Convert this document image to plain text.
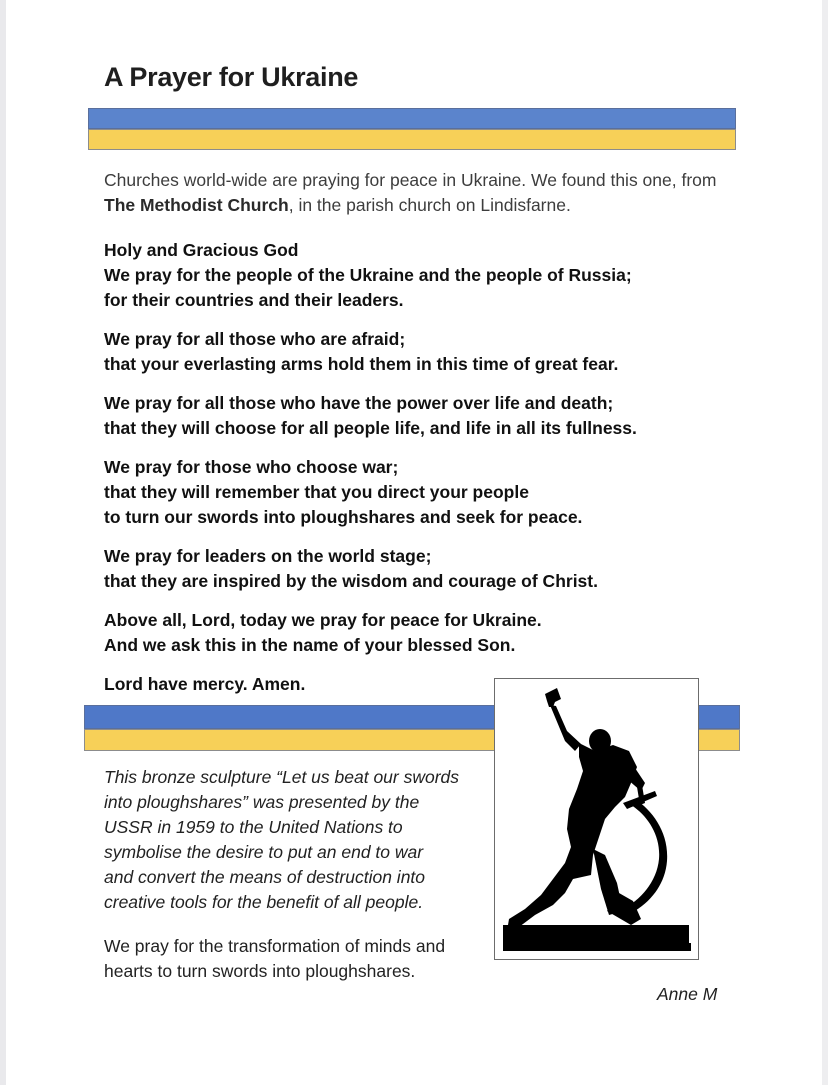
A Prayer for Ukraine
Churches world-wide are praying for peace in Ukraine. We found this one, from The Methodist Church, in the parish church on Lindisfarne.
Holy and Gracious God
We pray for the people of the Ukraine and the people of Russia;
for their countries and their leaders.
We pray for all those who are afraid;
that your everlasting arms hold them in this time of great fear.
We pray for all those who have the power over life and death;
that they will choose for all people life, and life in all its fullness.
We pray for those who choose war;
that they will remember that you direct your people
to turn our swords into ploughshares and seek for peace.
We pray for leaders on the world stage;
that they are inspired by the wisdom and courage of Christ.
Above all, Lord, today we pray for peace for Ukraine.
And we ask this in the name of your blessed Son.
Lord have mercy. Amen.
This bronze sculpture “Let us beat our swords
into ploughshares” was presented by the
USSR in 1959 to the United Nations to
symbolise the desire to put an end to war
and convert the means of destruction into
creative tools for the benefit of all people.
We pray for the transformation of minds and
hearts to turn swords into ploughshares.
Anne M
